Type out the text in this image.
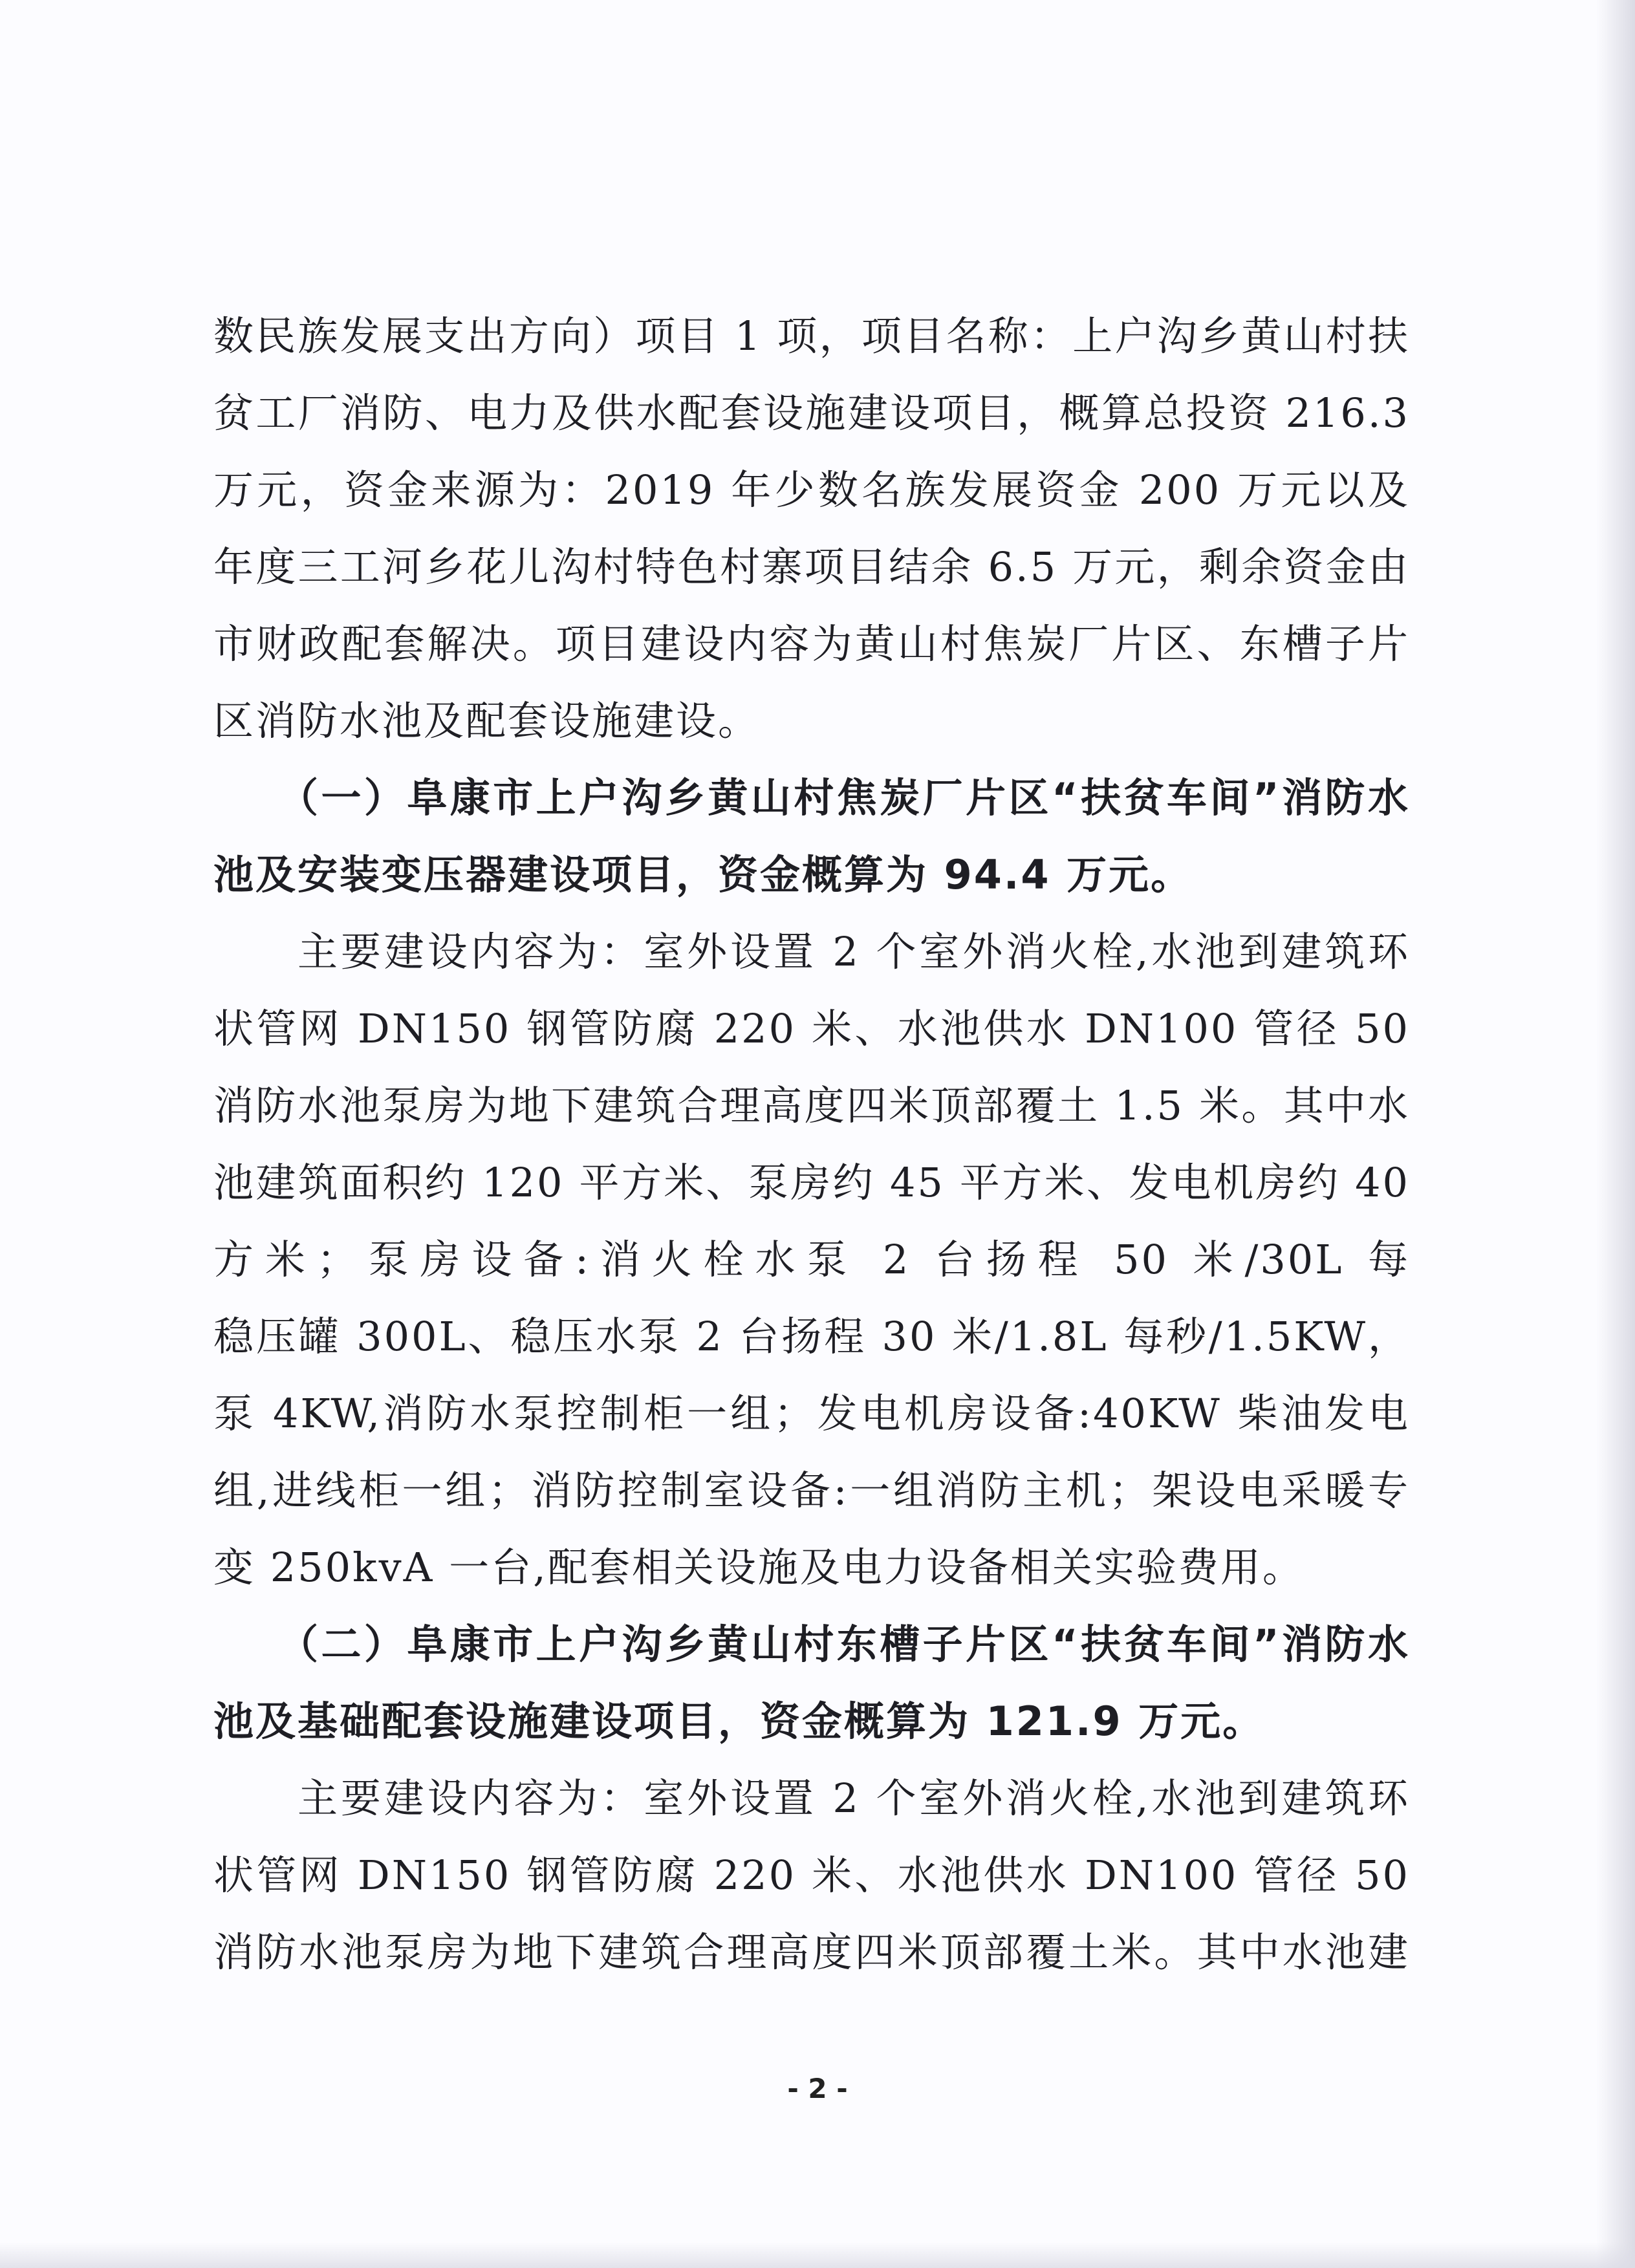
数民族发展支出方向）项目 1 项，项目名称：上户沟乡黄山村扶
贫工厂消防、电力及供水配套设施建设项目，概算总投资 216.3
万元，资金来源为：2019 年少数名族发展资金 200 万元以及
年度三工河乡花儿沟村特色村寨项目结余 6.5 万元，剩余资金由
市财政配套解决。项目建设内容为黄山村焦炭厂片区、东槽子片
区消防水池及配套设施建设。
（一）阜康市上户沟乡黄山村焦炭厂片区“扶贫车间”消防水
池及安装变压器建设项目，资金概算为 94.4 万元。
主要建设内容为：室外设置 2 个室外消火栓,水池到建筑环
状管网 DN150 钢管防腐 220 米、水池供水 DN100 管径 50
消防水池泵房为地下建筑合理高度四米顶部覆土 1.5 米。其中水
池建筑面积约 120 平方米、泵房约 45 平方米、发电机房约 40
方米；泵房设备:消火栓水泵 2 台扬程 50 米/30L 每
稳压罐 300L、稳压水泵 2 台扬程 30 米/1.8L 每秒/1.5KW，
泵 4KW,消防水泵控制柜一组；发电机房设备:40KW 柴油发电
组,进线柜一组；消防控制室设备:一组消防主机；架设电采暖专
变 250kvA 一台,配套相关设施及电力设备相关实验费用。
（二）阜康市上户沟乡黄山村东槽子片区“扶贫车间”消防水
池及基础配套设施建设项目，资金概算为 121.9 万元。
主要建设内容为：室外设置 2 个室外消火栓,水池到建筑环
状管网 DN150 钢管防腐 220 米、水池供水 DN100 管径 50
消防水池泵房为地下建筑合理高度四米顶部覆土米。其中水池建
- 2 -
